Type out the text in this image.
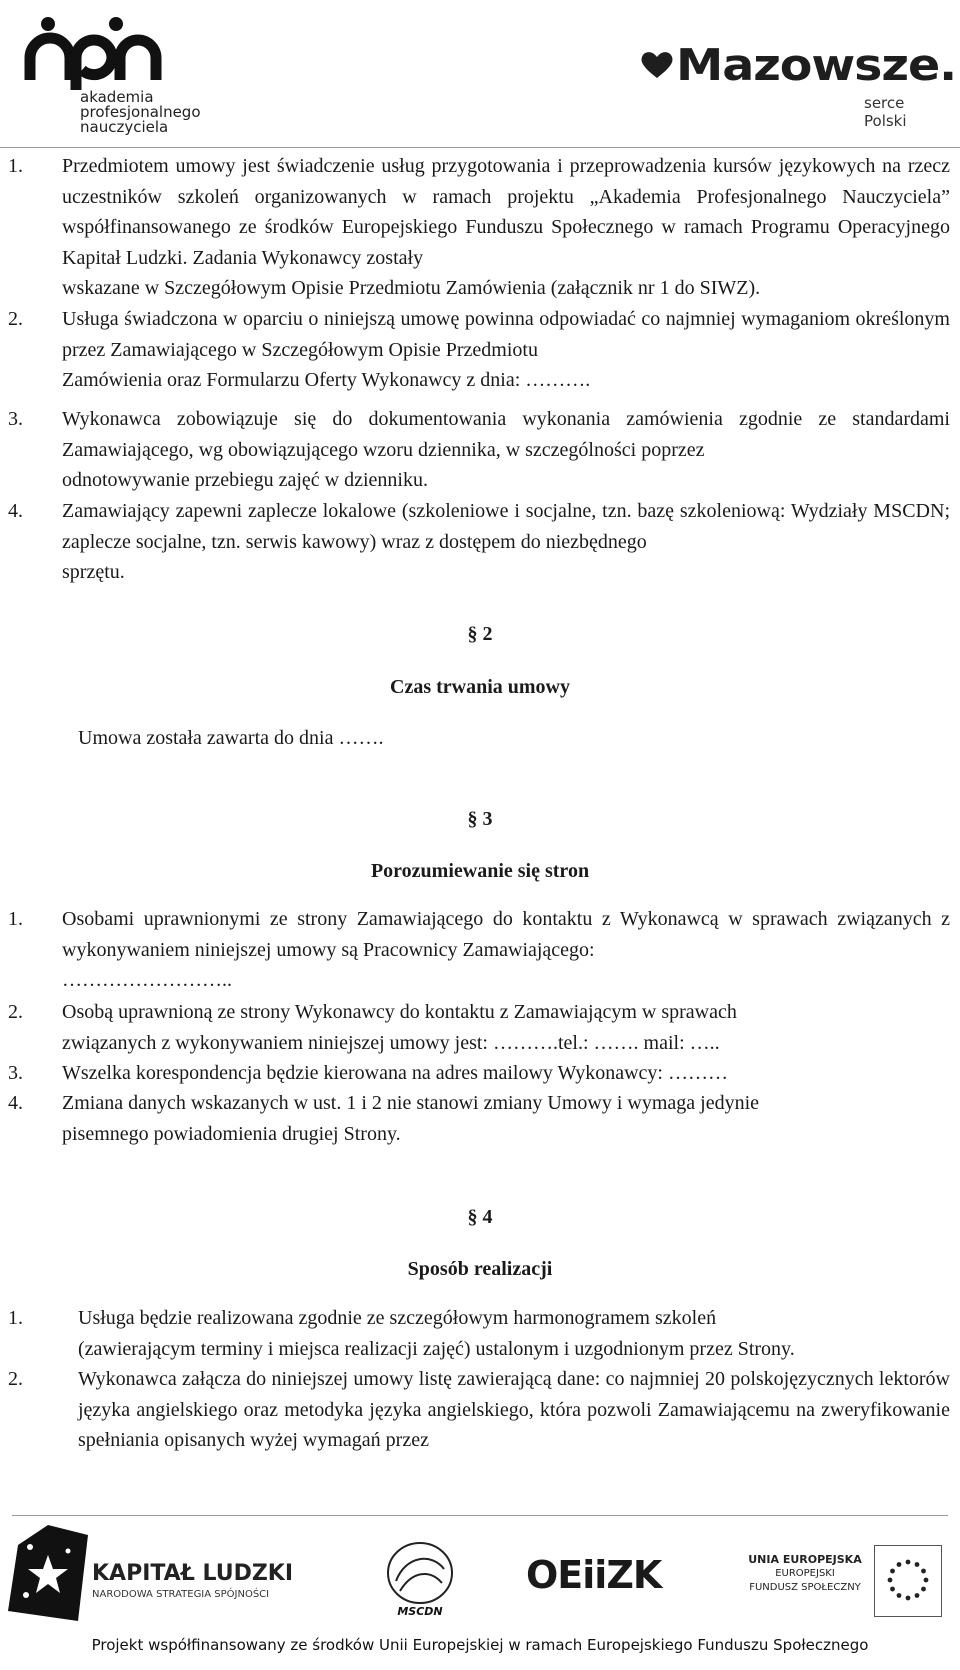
akademia
profesjonalnego
nauczyciela
Mazowsze.
serce Polski
1. Przedmiotem umowy jest świadczenie usług przygotowania i przeprowadzenia kursów językowych na rzecz uczestników szkoleń organizowanych w ramach projektu „Akademia Profesjonalnego Nauczyciela” współfinansowanego ze środków Europejskiego Funduszu Społecznego w ramach Programu Operacyjnego Kapitał Ludzki. Zadania Wykonawcy zostały
wskazane w Szczegółowym Opisie Przedmiotu Zamówienia (załącznik nr 1 do SIWZ).
2. Usługa świadczona w oparciu o niniejszą umowę powinna odpowiadać co najmniej wymaganiom określonym przez Zamawiającego w Szczegółowym Opisie Przedmiotu
Zamówienia oraz Formularzu Oferty Wykonawcy z dnia: ……….
3. Wykonawca zobowiązuje się do dokumentowania wykonania zamówienia zgodnie ze standardami Zamawiającego, wg obowiązującego wzoru dziennika, w szczególności poprzez
odnotowywanie przebiegu zajęć w dzienniku.
4. Zamawiający zapewni zaplecze lokalowe (szkoleniowe i socjalne, tzn. bazę szkoleniową: Wydziały MSCDN; zaplecze socjalne, tzn. serwis kawowy) wraz z dostępem do niezbędnego
sprzętu.
§ 2
Czas trwania umowy
Umowa została zawarta do dnia …….
§ 3
Porozumiewanie się stron
1. Osobami uprawnionymi ze strony Zamawiającego do kontaktu z Wykonawcą w sprawach związanych z wykonywaniem niniejszej umowy są Pracownicy Zamawiającego:
……………………..
2. Osobą uprawnioną ze strony Wykonawcy do kontaktu z Zamawiającym w sprawach
związanych z wykonywaniem niniejszej umowy jest: ……….tel.: ……. mail: …..
3. Wszelka korespondencja będzie kierowana na adres mailowy Wykonawcy: ………
4. Zmiana danych wskazanych w ust. 1 i 2 nie stanowi zmiany Umowy i wymaga jedynie
pisemnego powiadomienia drugiej Strony.
§ 4
Sposób realizacji
1.	Usługa będzie realizowana zgodnie ze szczegółowym harmonogramem szkoleń
(zawierającym terminy i miejsca realizacji zajęć) ustalonym i uzgodnionym przez Strony.
2.	Wykonawca załącza do niniejszej umowy listę zawierającą dane: co najmniej 20 polskojęzycznych lektorów języka angielskiego oraz metodyka języka angielskiego, która pozwoli Zamawiającemu na zweryfikowanie spełniania opisanych wyżej wymagań przez
KAPITAŁ LUDZKI
NARODOWA STRATEGIA SPÓJNOŚCI
MSCDN
OEiiZK	UNIA EUROPEJSKA
EUROPEJSKI
FUNDUSZ SPOŁECZNY
Projekt współfinansowany ze środków Unii Europejskiej w ramach Europejskiego Funduszu Społecznego
